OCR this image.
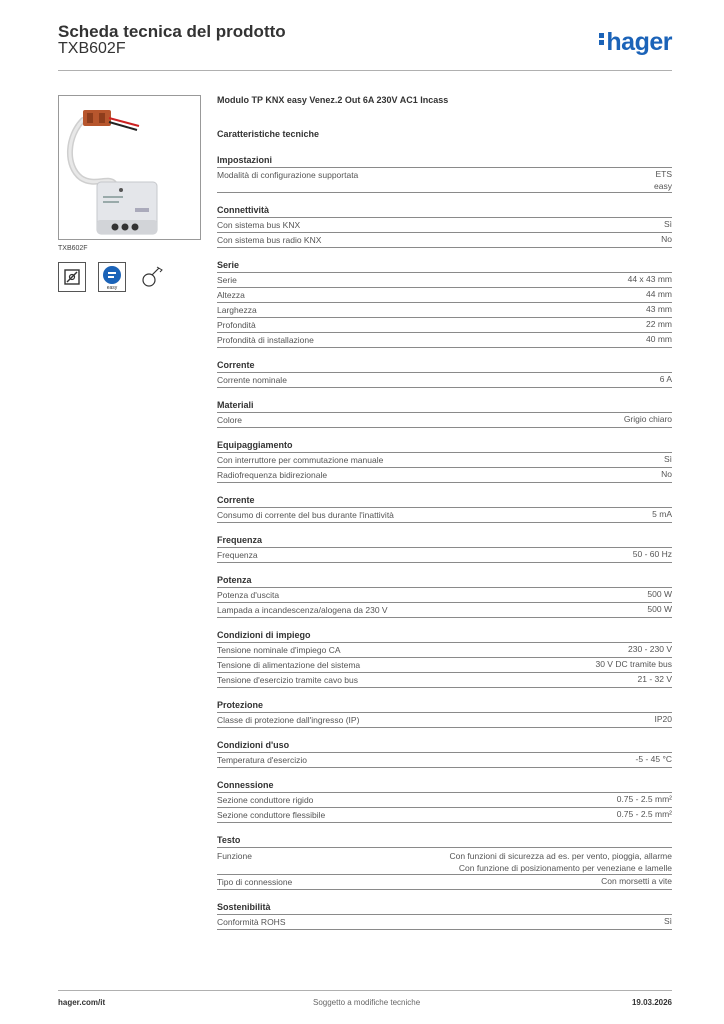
Scheda tecnica del prodotto
TXB602F	hager
TXB602F
easy
Modulo TP KNX easy Venez.2 Out 6A 230V AC1 Incass
Caratteristiche tecniche
Impostazioni
Modalità di configurazione supportata	ETS
easy
Connettività
Con sistema bus KNX	Sì
Con sistema bus radio KNX	No
Serie
Serie	44 x 43 mm
Altezza	44 mm
Larghezza	43 mm
Profondità	22 mm
Profondità di installazione	40 mm
Corrente
Corrente nominale	6 A
Materiali
Colore	Grigio chiaro
Equipaggiamento
Con interruttore per commutazione manuale	Sì
Radiofrequenza bidirezionale	No
Corrente
Consumo di corrente del bus durante l'inattività	5 mA
Frequenza
Frequenza	50 - 60 Hz
Potenza
Potenza d'uscita	500 W
Lampada a incandescenza/alogena da 230 V	500 W
Condizioni di impiego
Tensione nominale d'impiego CA	230 - 230 V
Tensione di alimentazione del sistema	30 V DC tramite bus
Tensione d'esercizio tramite cavo bus	21 - 32 V
Protezione
Classe di protezione dall'ingresso (IP)	IP20
Condizioni d'uso
Temperatura d'esercizio	-5 - 45 °C
Connessione
Sezione conduttore rigido	0.75 - 2.5 mm²
Sezione conduttore flessibile	0.75 - 2.5 mm²
Testo
Funzione	Con funzioni di sicurezza ad es. per vento, pioggia, allarme
Con funzione di posizionamento per veneziane e lamelle
Tipo di connessione	Con morsetti a vite
Sostenibilità
Conformità ROHS	Sì
hager.com/it	Soggetto a modifiche tecniche	19.03.2026
